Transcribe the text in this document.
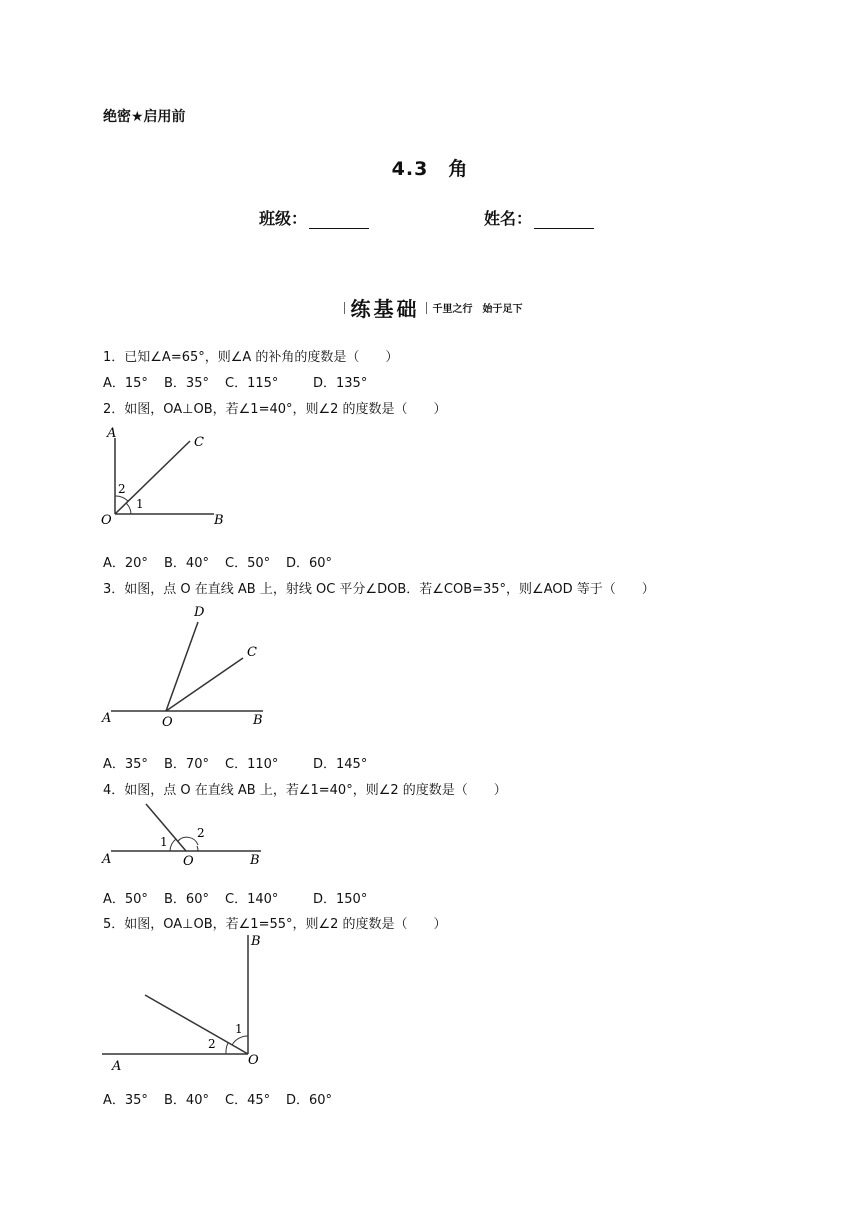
绝密★启用前
4.3　角
班级：	姓名：
练基础 千里之行　始于足下
1．已知∠A=65°，则∠A 的补角的度数是（　　）
A．15° B．35° C．115°	D．135°
2．如图，OA⊥OB，若∠1=40°，则∠2 的度数是（　　）
A
C
O	B
2
1
A．20° B．40° C．50° D．60°
3．如图，点 O 在直线 AB 上，射线 OC 平分∠DOB．若∠COB=35°，则∠AOD 等于（　　）
D
C
A	O	B
A．35° B．70° C．110°	D．145°
4．如图，点 O 在直线 AB 上，若∠1=40°，则∠2 的度数是（　　）
1
2
A	O	B
A．50° B．60° C．140°	D．150°
5．如图，OA⊥OB，若∠1=55°，则∠2 的度数是（　　）
B
1
2
O
A
A．35° B．40° C．45° D．60°
